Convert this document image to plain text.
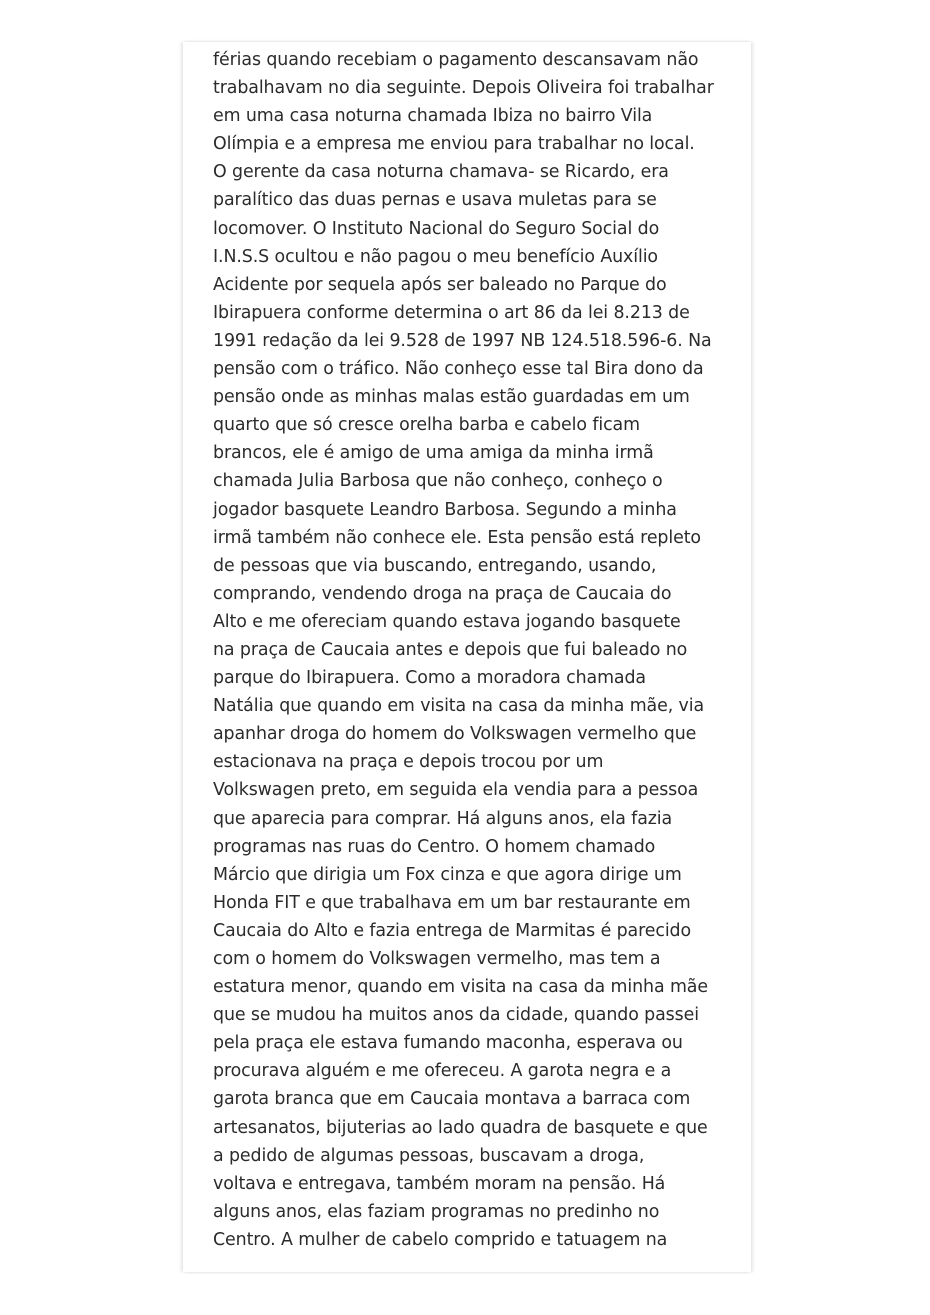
férias quando recebiam o pagamento descansavam não
trabalhavam no dia seguinte. Depois Oliveira foi trabalhar
em uma casa noturna chamada Ibiza no bairro Vila
Olímpia e a empresa me enviou para trabalhar no local.
O gerente da casa noturna chamava- se Ricardo, era
paralítico das duas pernas e usava muletas para se
locomover. O Instituto Nacional do Seguro Social do
I.N.S.S ocultou e não pagou o meu benefício Auxílio
Acidente por sequela após ser baleado no Parque do
Ibirapuera conforme determina o art 86 da lei 8.213 de
1991 redação da lei 9.528 de 1997 NB 124.518.596-6. Na
pensão com o tráfico. Não conheço esse tal Bira dono da
pensão onde as minhas malas estão guardadas em um
quarto que só cresce orelha barba e cabelo ficam
brancos, ele é amigo de uma amiga da minha irmã
chamada Julia Barbosa que não conheço, conheço o
jogador basquete Leandro Barbosa. Segundo a minha
irmã também não conhece ele. Esta pensão está repleto
de pessoas que via buscando, entregando, usando,
comprando, vendendo droga na praça de Caucaia do
Alto e me ofereciam quando estava jogando basquete
na praça de Caucaia antes e depois que fui baleado no
parque do Ibirapuera. Como a moradora chamada
Natália que quando em visita na casa da minha mãe, via
apanhar droga do homem do Volkswagen vermelho que
estacionava na praça e depois trocou por um
Volkswagen preto, em seguida ela vendia para a pessoa
que aparecia para comprar. Há alguns anos, ela fazia
programas nas ruas do Centro. O homem chamado
Márcio que dirigia um Fox cinza e que agora dirige um
Honda FIT e que trabalhava em um bar restaurante em
Caucaia do Alto e fazia entrega de Marmitas é parecido
com o homem do Volkswagen vermelho, mas tem a
estatura menor, quando em visita na casa da minha mãe
que se mudou ha muitos anos da cidade, quando passei
pela praça ele estava fumando maconha, esperava ou
procurava alguém e me ofereceu. A garota negra e a
garota branca que em Caucaia montava a barraca com
artesanatos, bijuterias ao lado quadra de basquete e que
a pedido de algumas pessoas, buscavam a droga,
voltava e entregava, também moram na pensão. Há
alguns anos, elas faziam programas no predinho no
Centro. A mulher de cabelo comprido e tatuagem na
